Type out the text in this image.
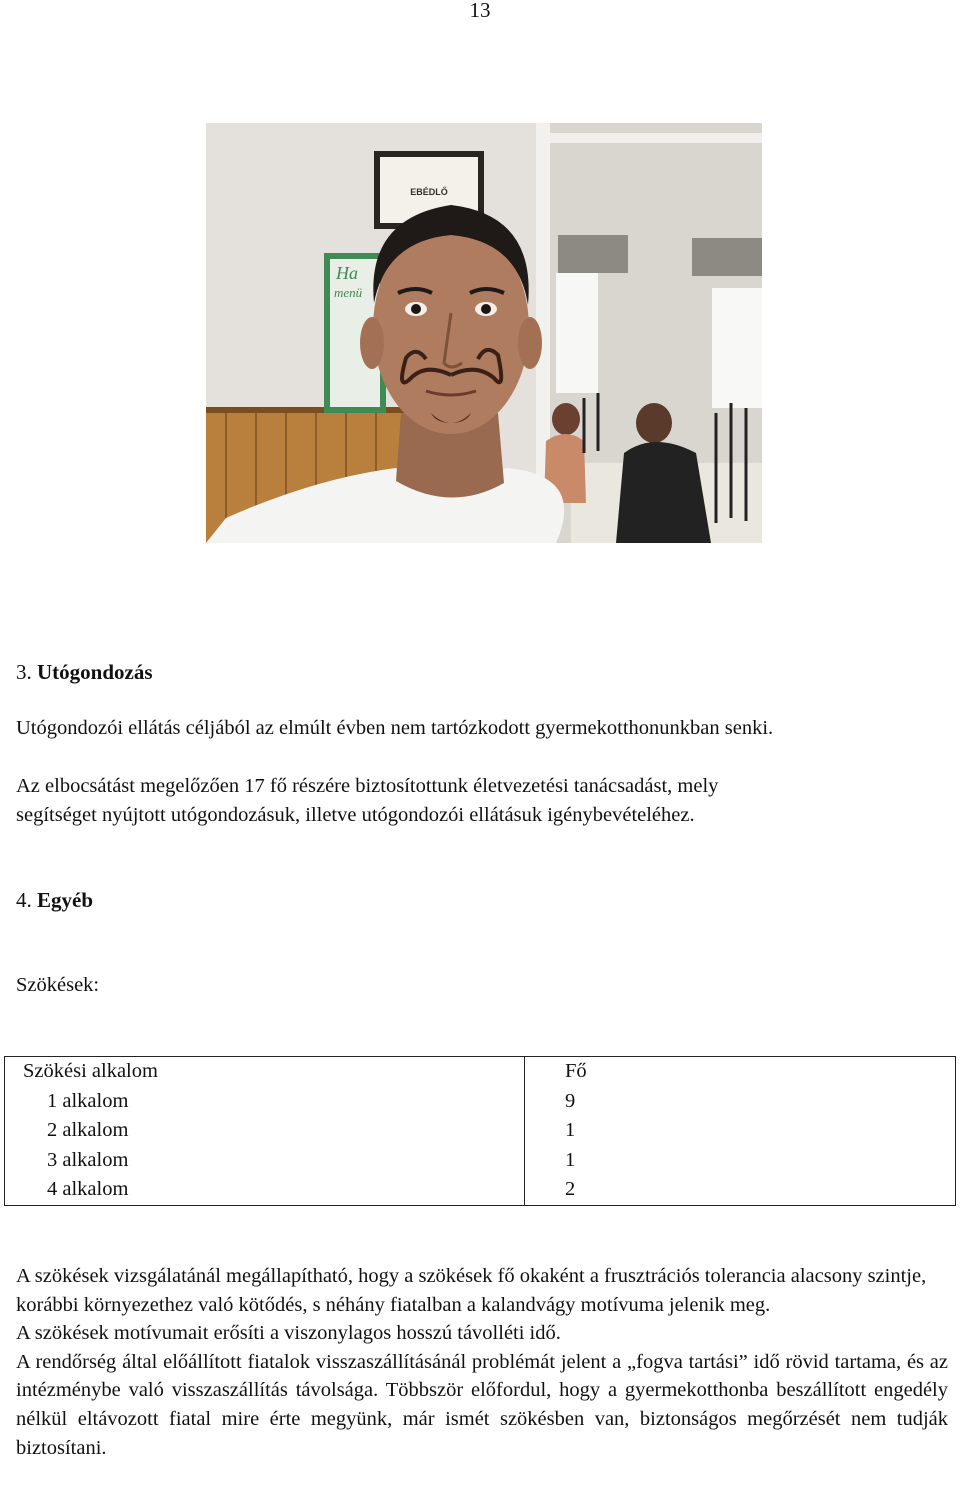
13
EBÉDLŐ
Ha
menü
3. Utógondozás
Utógondozói ellátás céljából az elmúlt évben nem tartózkodott gyermekotthonunkban senki.
Az elbocsátást megelőzően 17 fő részére biztosítottunk életvezetési tanácsadást, mely
segítséget nyújtott utógondozásuk, illetve utógondozói ellátásuk igénybevételéhez.
4. Egyéb
Szökések:
Szökési alkalom	Fő
1 alkalom	9
2 alkalom	1
3 alkalom	1
4 alkalom	2

A szökések vizsgálatánál megállapítható, hogy a szökések fő okaként a frusztrációs tolerancia alacsony szintje, korábbi környezethez való kötődés, s néhány fiatalban a kalandvágy motívuma jelenik meg.

A szökések motívumait erősíti a viszonylagos hosszú távolléti idő.

A rendőrség által előállított fiatalok visszaszállításánál problémát jelent a „fogva tartási” idő rövid tartama, és az intézménybe való visszaszállítás távolsága. Többször előfordul, hogy a gyermekotthonba beszállított engedély nélkül eltávozott fiatal mire érte megyünk, már ismét szökésben van, biztonságos megőrzését nem tudják biztosítani.
